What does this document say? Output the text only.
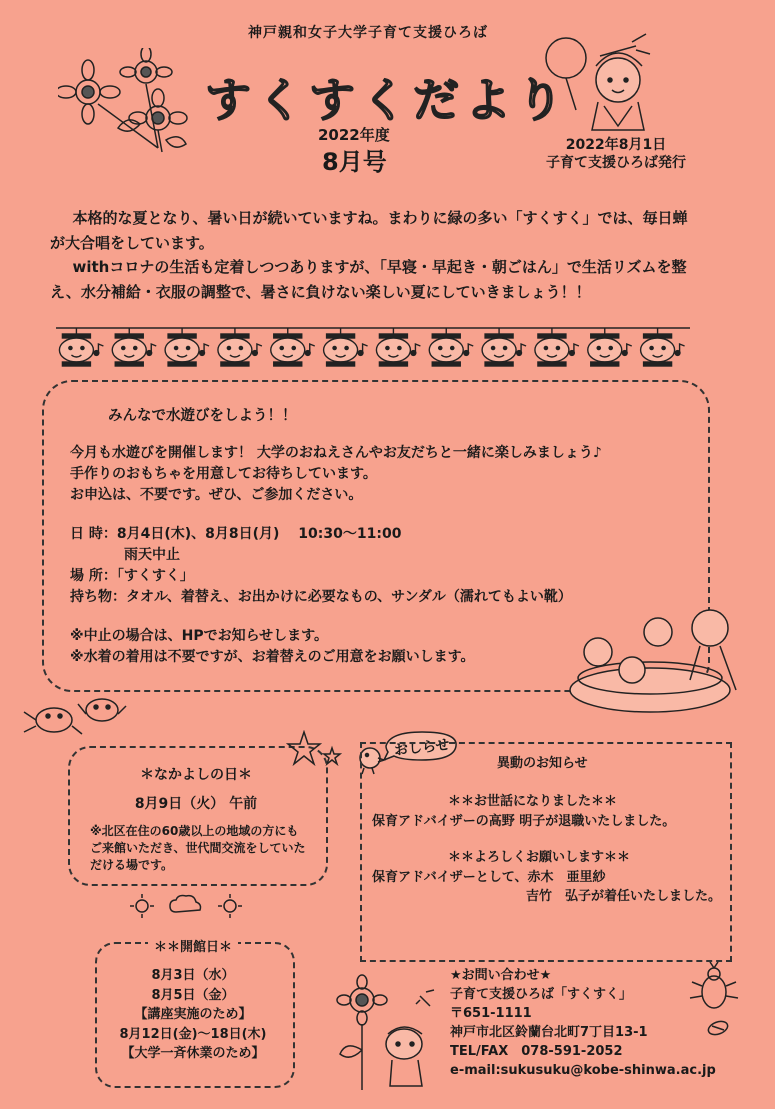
神戸親和女子大学子育て支援ひろば
すくすくだより
2022年度
8月号
2022年8月1日
子育て支援ひろば発行

本格的な夏となり、暑い日が続いていますね。まわりに緑の多い「すくすく」では、毎日蝉が大合唱をしています。

withコロナの生活も定着しつつありますが、「早寝・早起き・朝ごはん」で生活リズムを整え、水分補給・衣服の調整で、暑さに負けない楽しい夏にしていきましょう！！

みんなで水遊びをしよう！！
今月も水遊びを開催します！ 大学のおねえさんやお友だちと一緒に楽しみましょう♪
手作りのおもちゃを用意してお待ちしています。
お申込は、不要です。ぜひ、ご参加ください。
日 時：8月4日(木)、8月8日(月)　 10:30～11:00
雨天中止
場 所：「すくすく」
持ち物：タオル、着替え、お出かけに必要なもの、サンダル（濡れてもよい靴）
※中止の場合は、HPでお知らせします。
※水着の着用は不要ですが、お着替えのご用意をお願いします。
＊なかよしの日＊
8月9日（火） 午前
※北区在住の60歳以上の地域の方にもご来館いただき、世代間交流をしていただける場です。
おしらせ
異動のお知らせ
＊＊お世話になりました＊＊
保育アドバイザーの高野 明子が退職いたしました。
＊＊よろしくお願いします＊＊
保育アドバイザーとして、赤木　亜里紗
吉竹　弘子が着任いたしました。
＊＊開館日＊
8月3日（水）
8月5日（金）
【講座実施のため】
8月12日(金)～18日(木)
【大学一斉休業のため】
★お問い合わせ★
子育て支援ひろば「すくすく」
〒651-1111
神戸市北区鈴蘭台北町7丁目13-1
TEL/FAX　078-591-2052
e-mail:sukusuku@kobe-shinwa.ac.jp
